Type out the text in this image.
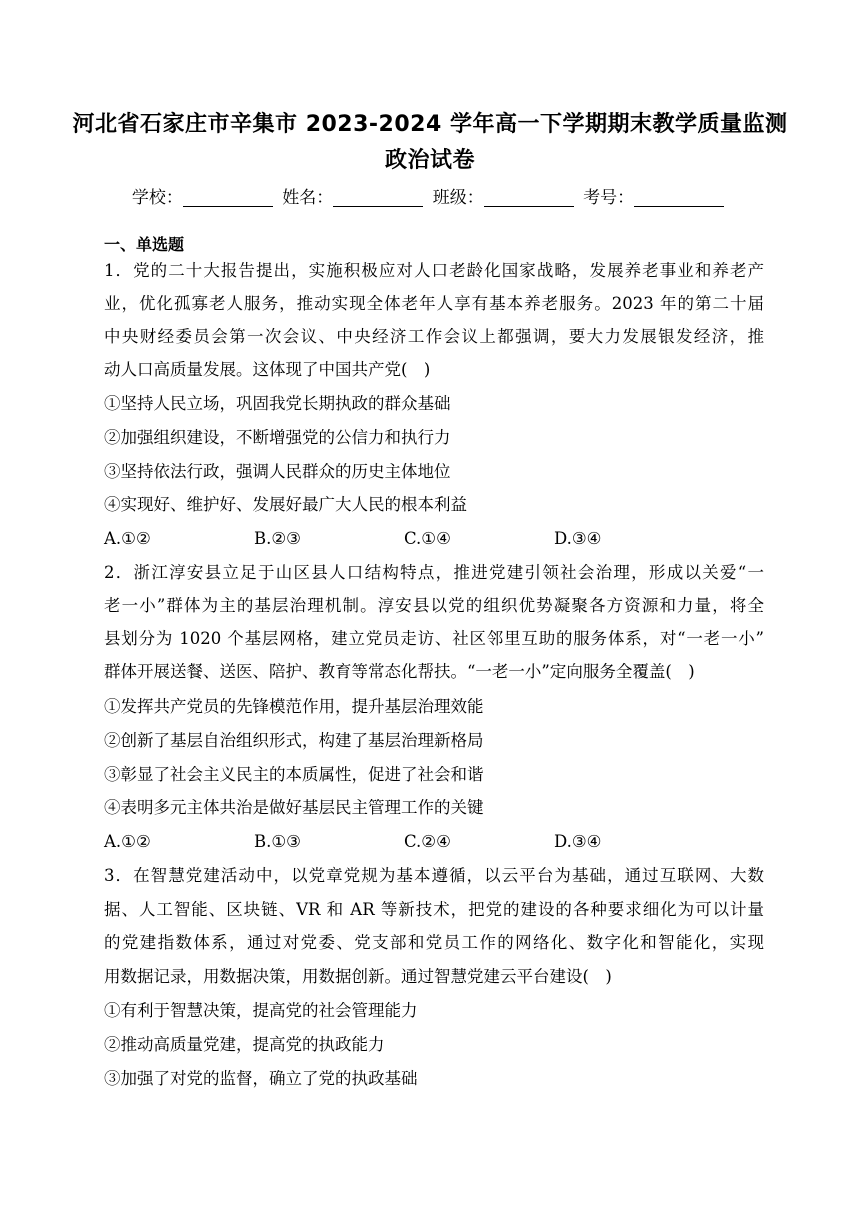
河北省石家庄市辛集市 2023-2024 学年高一下学期期末教学质量监测
政治试卷
学校：	姓名：	班级：	考号：
一、单选题
1．党的二十大报告提出，实施积极应对人口老龄化国家战略，发展养老事业和养老产
业，优化孤寡老人服务，推动实现全体老年人享有基本养老服务。2023 年的第二十届
中央财经委员会第一次会议、中央经济工作会议上都强调，要大力发展银发经济，推
动人口高质量发展。这体现了中国共产党(　)
①坚持人民立场，巩固我党长期执政的群众基础
②加强组织建设，不断增强党的公信力和执行力
③坚持依法行政，强调人民群众的历史主体地位
④实现好、维护好、发展好最广大人民的根本利益
A.①②	B.②③	C.①④	D.③④
2．浙江淳安县立足于山区县人口结构特点，推进党建引领社会治理，形成以关爱“一
老一小”群体为主的基层治理机制。淳安县以党的组织优势凝聚各方资源和力量，将全
县划分为 1020 个基层网格，建立党员走访、社区邻里互助的服务体系，对“一老一小”
群体开展送餐、送医、陪护、教育等常态化帮扶。“一老一小”定向服务全覆盖(　)
①发挥共产党员的先锋模范作用，提升基层治理效能
②创新了基层自治组织形式，构建了基层治理新格局
③彰显了社会主义民主的本质属性，促进了社会和谐
④表明多元主体共治是做好基层民主管理工作的关键
A.①②	B.①③	C.②④	D.③④
3．在智慧党建活动中，以党章党规为基本遵循，以云平台为基础，通过互联网、大数
据、人工智能、区块链、VR 和 AR 等新技术，把党的建设的各种要求细化为可以计量
的党建指数体系，通过对党委、党支部和党员工作的网络化、数字化和智能化，实现
用数据记录，用数据决策，用数据创新。通过智慧党建云平台建设(　)
①有利于智慧决策，提高党的社会管理能力
②推动高质量党建，提高党的执政能力
③加强了对党的监督，确立了党的执政基础
